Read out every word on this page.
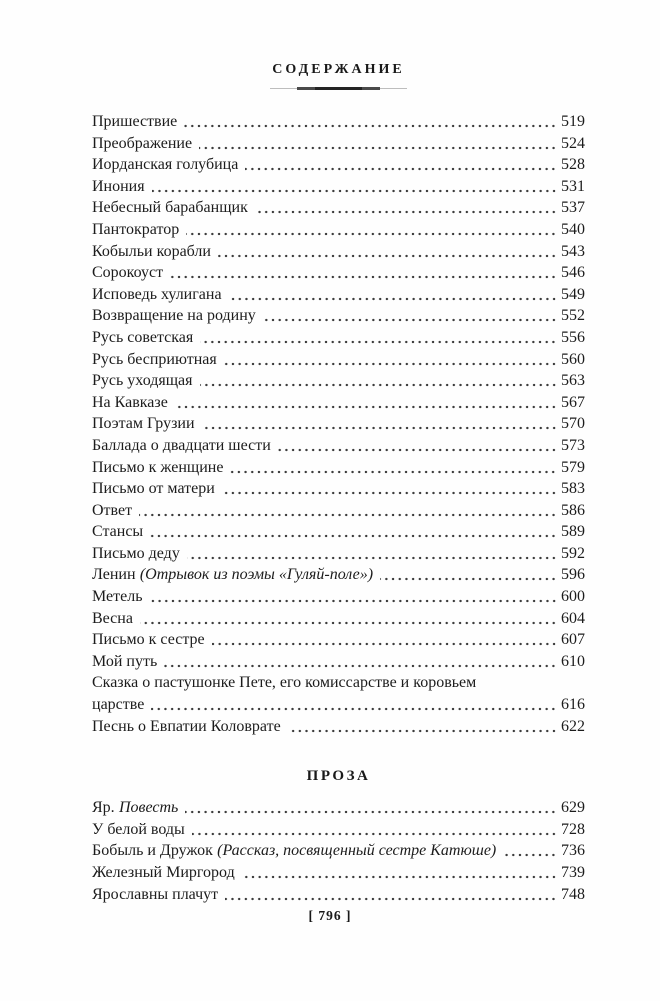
СОДЕРЖАНИЕ
Пришествие	519
Преображение	524
Иорданская голубица	528
Инония	531
Небесный барабанщик	537
Пантократор	540
Кобыльи корабли	543
Сорокоуст	546
Исповедь хулигана	549
Возвращение на родину	552
Русь советская	556
Русь бесприютная	560
Русь уходящая	563
На Кавказе	567
Поэтам Грузии	570
Баллада о двадцати шести	573
Письмо к женщине	579
Письмо от матери	583
Ответ	586
Стансы	589
Письмо деду	592
Ленин (Отрывок из поэмы «Гуляй-поле»)	596
Метель	600
Весна	604
Письмо к сестре	607
Мой путь	610
Сказка о пастушонке Пете, его комиссарстве и коровьем
царстве	616
Песнь о Евпатии Коловрате	622
ПРОЗА
Яр. Повесть	629
У белой воды	728
Бобыль и Дружок (Рассказ, посвященный сестре Катюше)	736
Железный Миргород	739
Ярославны плачут	748
[ 796 ]
